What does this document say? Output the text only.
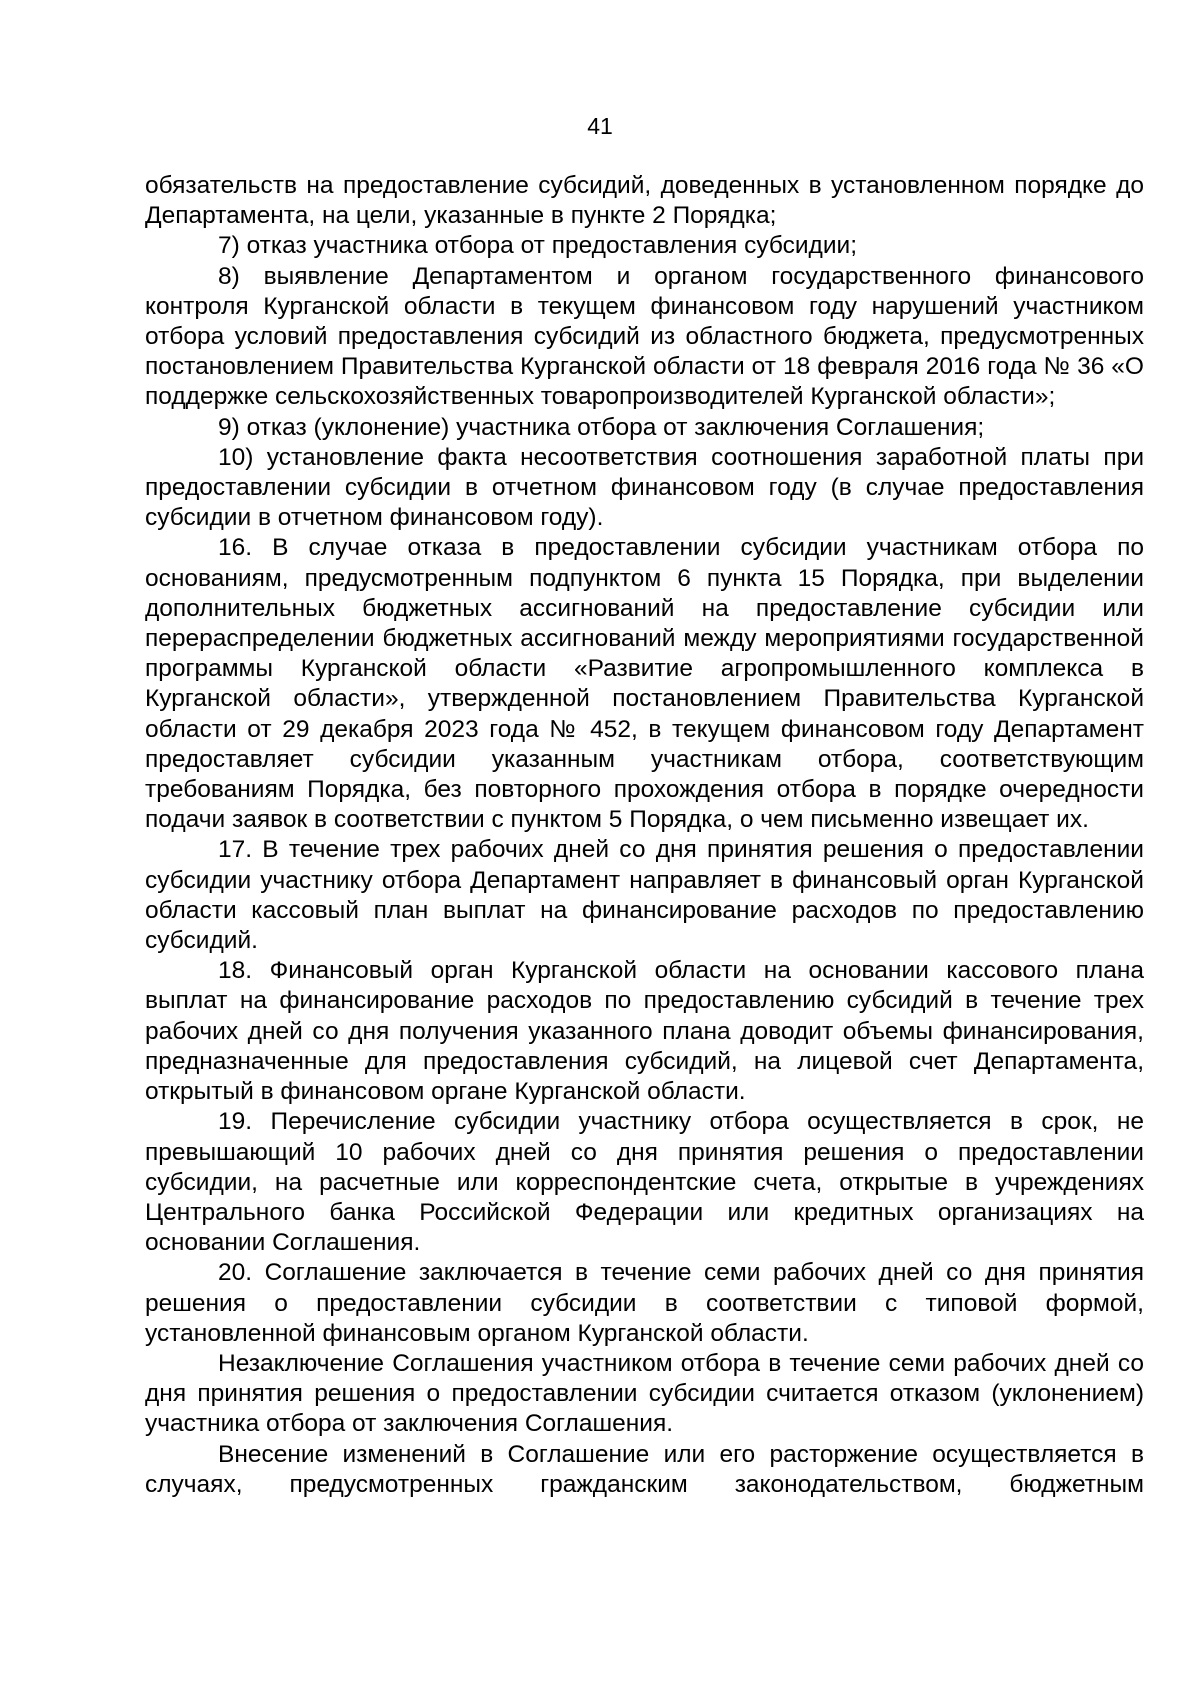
41

обязательств на предоставление субсидий, доведенных в установленном порядке до Департамента, на цели, указанные в пункте 2 Порядка;

7) отказ участника отбора от предоставления субсидии;

8) выявление Департаментом и органом государственного финансового контроля Курганской области в текущем финансовом году нарушений участником отбора условий предоставления субсидий из областного бюджета, предусмотренных постановлением Правительства Курганской области от 18 февраля 2016 года № 36 «О поддержке сельскохозяйственных товаропроизводителей Курганской области»;

9) отказ (уклонение) участника отбора от заключения Соглашения;

10) установление факта несоответствия соотношения заработной платы при предоставлении субсидии в отчетном финансовом году (в случае предоставления субсидии в отчетном финансовом году).

16. В случае отказа в предоставлении субсидии участникам отбора по основаниям, предусмотренным подпунктом 6 пункта 15 Порядка, при выделении дополнительных бюджетных ассигнований на предоставление субсидии или перераспределении бюджетных ассигнований между мероприятиями государственной программы Курганской области «Развитие агропромышленного комплекса в Курганской области», утвержденной постановлением Правительства Курганской области от 29 декабря 2023 года № 452, в текущем финансовом году Департамент предоставляет субсидии указанным участникам отбора, соответствующим требованиям Порядка, без повторного прохождения отбора в порядке очередности подачи заявок в соответствии с пунктом 5 Порядка, о чем письменно извещает их.

17. В течение трех рабочих дней со дня принятия решения о предоставлении субсидии участнику отбора Департамент направляет в финансовый орган Курганской области кассовый план выплат на финансирование расходов по предоставлению субсидий.

18. Финансовый орган Курганской области на основании кассового плана выплат на финансирование расходов по предоставлению субсидий в течение трех рабочих дней со дня получения указанного плана доводит объемы финансирования, предназначенные для предоставления субсидий, на лицевой счет Департамента, открытый в финансовом органе Курганской области.

19. Перечисление субсидии участнику отбора осуществляется в срок, не превышающий 10 рабочих дней со дня принятия решения о предоставлении субсидии, на расчетные или корреспондентские счета, открытые в учреждениях Центрального банка Российской Федерации или кредитных организациях на основании Соглашения.

20. Соглашение заключается в течение семи рабочих дней со дня принятия решения о предоставлении субсидии в соответствии с типовой формой, установленной финансовым органом Курганской области.

Незаключение Соглашения участником отбора в течение семи рабочих дней со дня принятия решения о предоставлении субсидии считается отказом (уклонением) участника отбора от заключения Соглашения.

Внесение изменений в Соглашение или его расторжение осуществляется в случаях, предусмотренных гражданским законодательством, бюджетным
